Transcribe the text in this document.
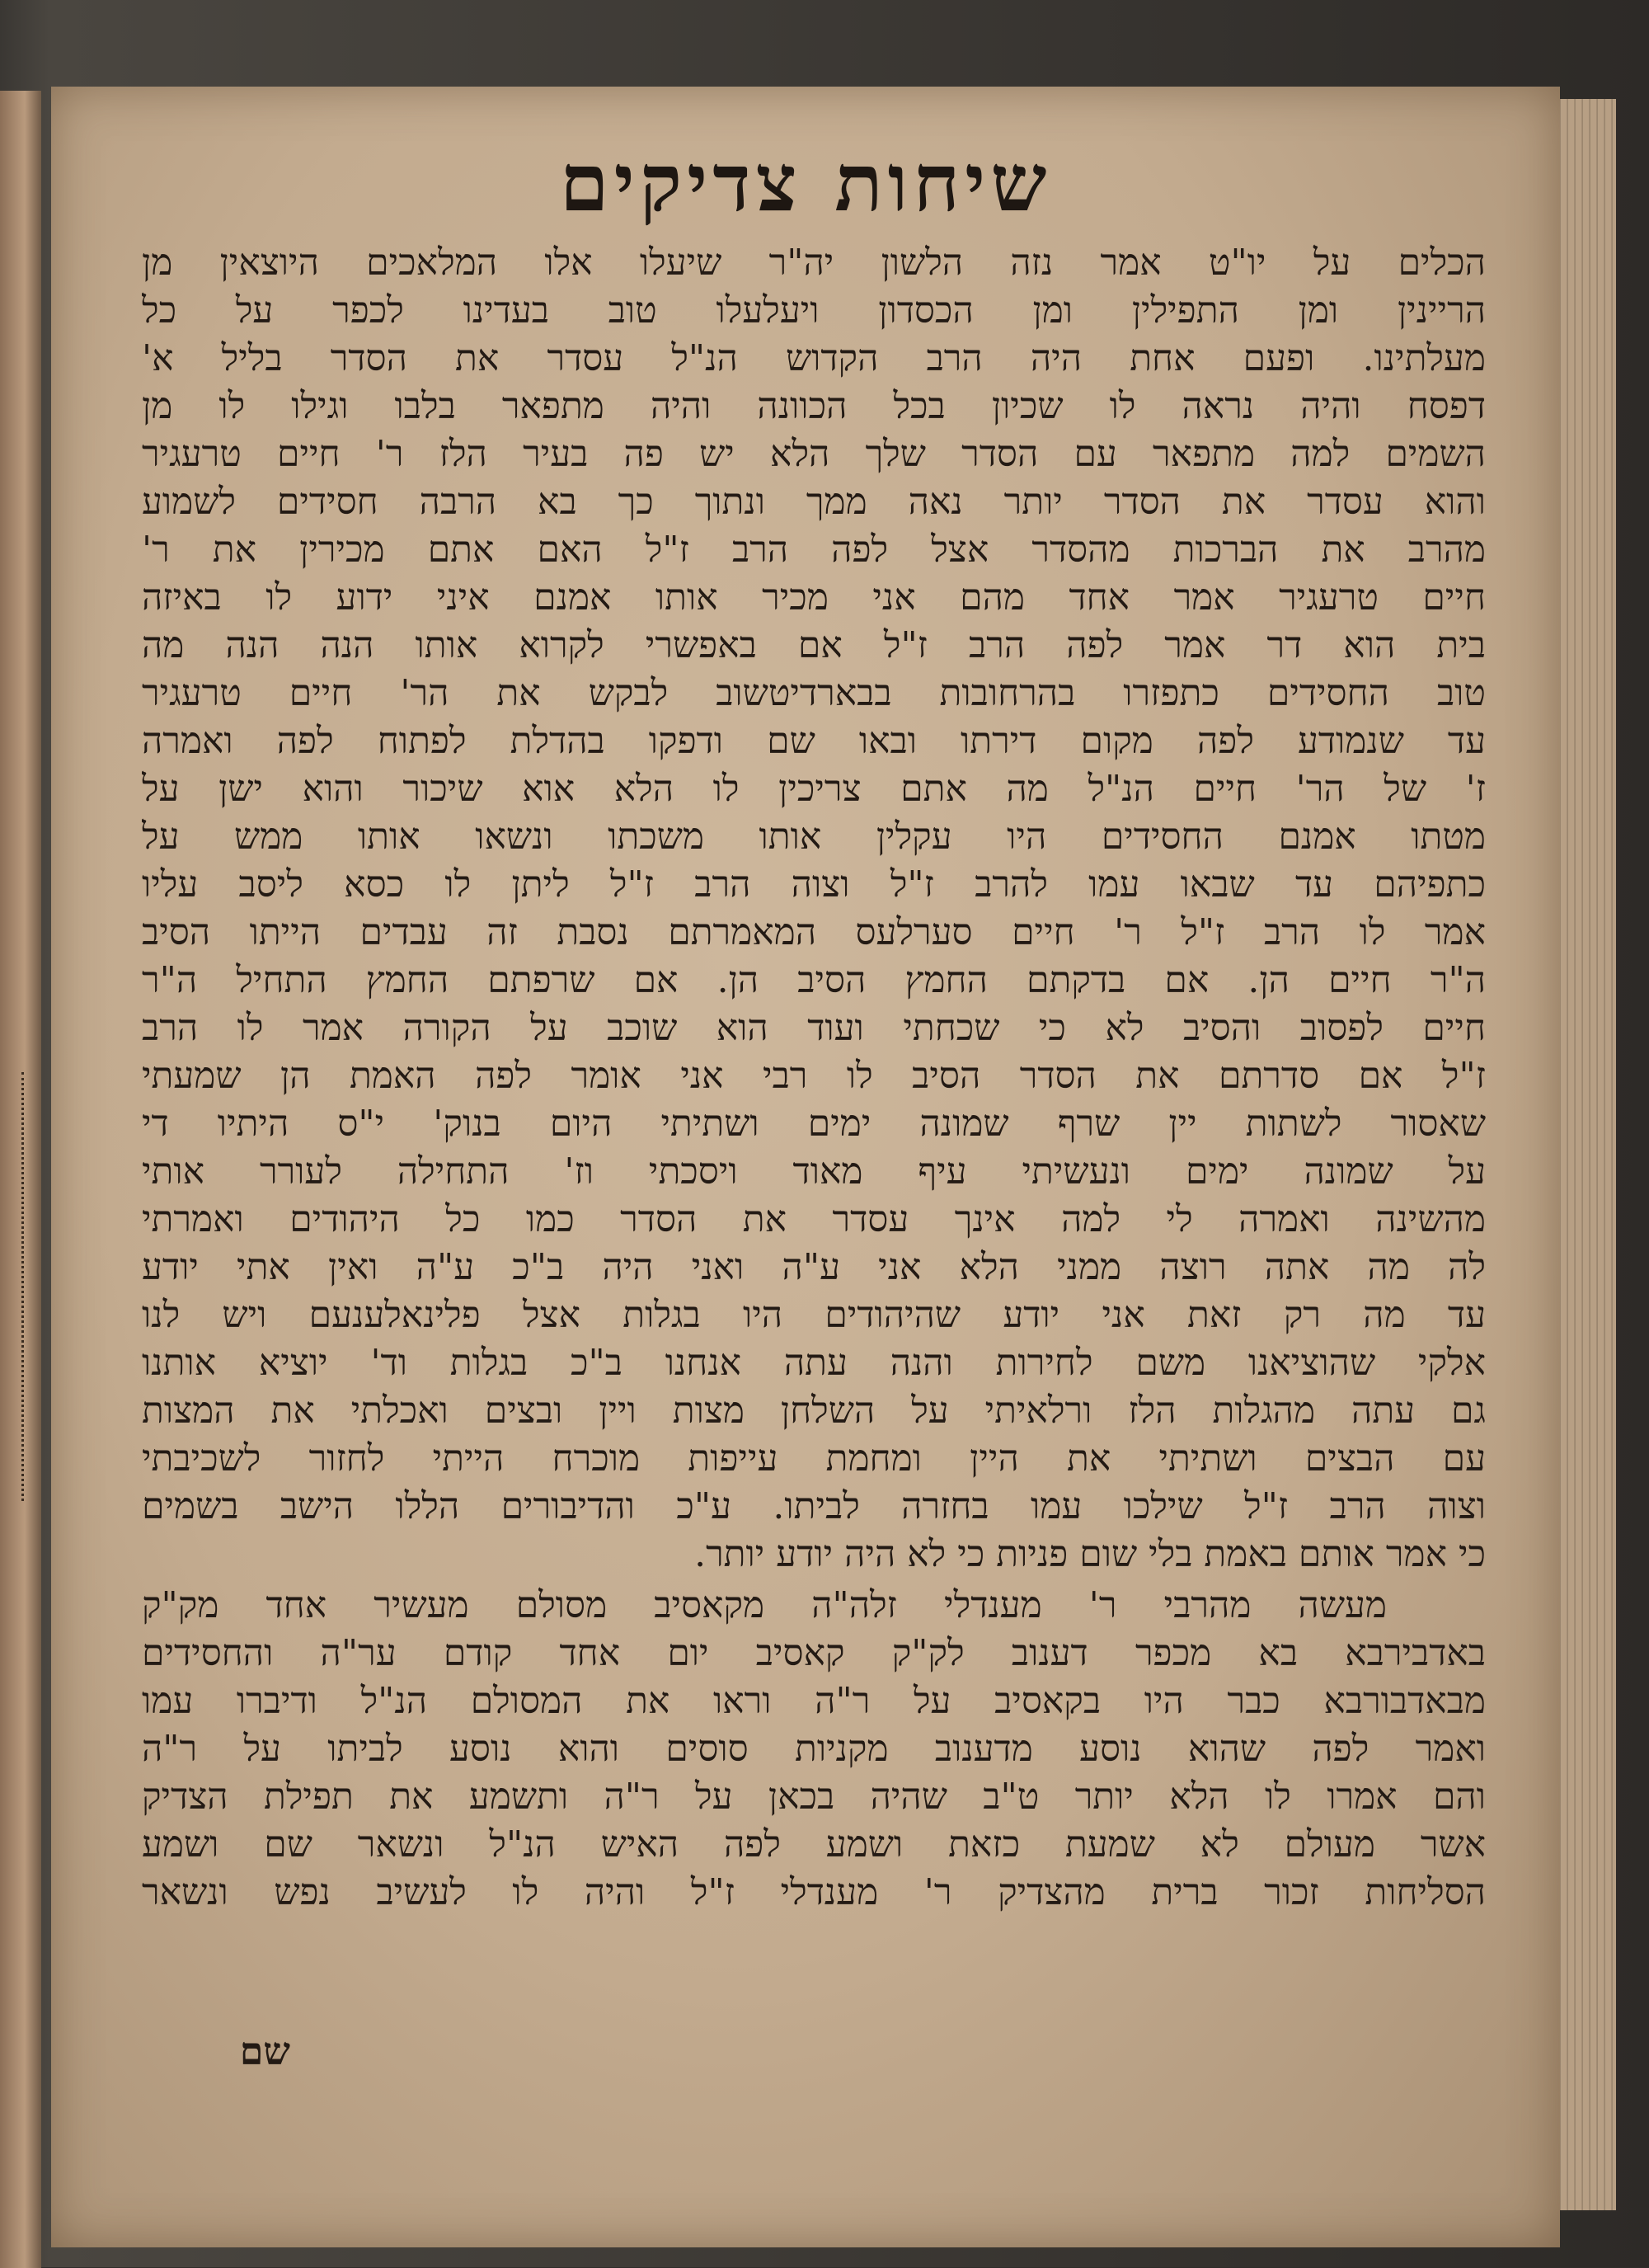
שיחות צדיקים
הכלים על יו"ט אמר נזה הלשון יה"ר שיעלו אלו המלאכים היוצאין מן
הריינין ומן התפילין ומן הכסדון ויעלעלו טוב בעדינו לכפר על כל
מעלתינו. ופעם אחת היה הרב הקדוש הנ"ל עסדר את הסדר בליל א'
דפסח והיה נראה לו שכיון בכל הכוונה והיה מתפאר בלבו וגילו לו מן
השמים למה מתפאר עם הסדר שלך הלא יש פה בעיר הלז ר' חיים טרעגיר
והוא עסדר את הסדר יותר נאה ממך ונתוך כך בא הרבה חסידים לשמוע
מהרב את הברכות מהסדר אצל לפה הרב ז"ל האם אתם מכירין את ר'
חיים טרעגיר אמר אחד מהם אני מכיר אותו אמנם איני ידוע לו באיזה
בית הוא דר אמר לפה הרב ז"ל אם באפשרי לקרוא אותו הנה הנה מה
טוב החסידים כתפזרו בהרחובות בבארדיטשוב לבקש את הר' חיים טרעגיר
עד שנמודע לפה מקום דירתו ובאו שם ודפקו בהדלת לפתוח לפה ואמרה
ז' של הר' חיים הנ"ל מה אתם צריכין לו הלא אוא שיכור והוא ישן על
מטתו אמנם החסידים היו עקלין אותו משכתו ונשאו אותו ממש על
כתפיהם עד שבאו עמו להרב ז"ל וצוה הרב ז"ל ליתן לו כסא ליסב עליו
אמר לו הרב ז"ל ר' חיים סערלעס המאמרתם נסבת זה עבדים הייתו הסיב
ה"ר חיים הן. אם בדקתם החמץ הסיב הן. אם שרפתם החמץ התחיל ה"ר
חיים לפסוב והסיב לא כי שכחתי ועוד הוא שוכב על הקורה אמר לו הרב
ז"ל אם סדרתם את הסדר הסיב לו רבי אני אומר לפה האמת הן שמעתי
שאסור לשתות יין שרף שמונה ימים ושתיתי היום בנוק' י"ס היתיו די
על שמונה ימים ונעשיתי עיף מאוד ויסכתי וז' התחילה לעורר אותי
מהשינה ואמרה לי למה אינך עסדר את הסדר כמו כל היהודים ואמרתי
לה מה אתה רוצה ממני הלא אני ע"ה ואני היה ב"כ ע"ה ואין אתי יודע
עד מה רק זאת אני יודע שהיהודים היו בגלות אצל פלינאלענעם ויש לנו
אלקי שהוציאנו משם לחירות והנה עתה אנחנו ב"כ בגלות וד' יוציא אותנו
גם עתה מהגלות הלז ורלאיתי על השלחן מצות ויין ובצים ואכלתי את המצות
עם הבצים ושתיתי את היין ומחמת עייפות מוכרח הייתי לחזור לשכיבתי
וצוה הרב ז"ל שילכו עמו בחזרה לביתו. ע"כ והדיבורים הללו הישב בשמים
כי אמר אותם באמת בלי שום פניות כי לא היה יודע יותר.
מעשה מהרבי ר' מענדלי זלה"ה מקאסיב מסולם מעשיר אחד מק"ק
באדבירבא בא מכפר דענוב לק"ק קאסיב יום אחד קודם ער"ה והחסידים
מבאדבורבא כבר היו בקאסיב על ר"ה וראו את המסולם הנ"ל ודיברו עמו
ואמר לפה שהוא נוסע מדענוב מקניות סוסים והוא נוסע לביתו על ר"ה
והם אמרו לו הלא יותר ט"ב שהיה בכאן על ר"ה ותשמע את תפילת הצדיק
אשר מעולם לא שמעת כזאת ושמע לפה האיש הנ"ל ונשאר שם ושמע
הסליחות זכור ברית מהצדיק ר' מענדלי ז"ל והיה לו לעשיב נפש ונשאר
שם
